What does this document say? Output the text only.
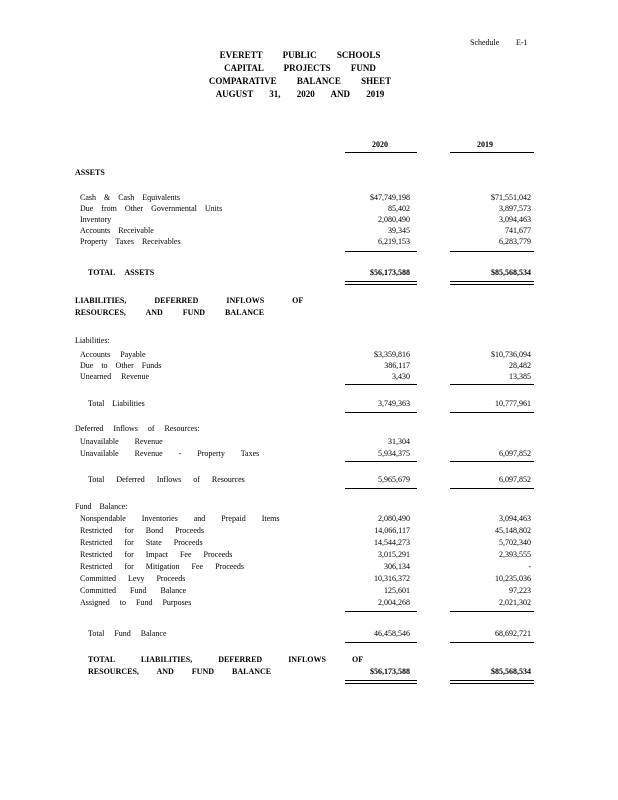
Schedule E-1
EVERETT PUBLIC SCHOOLS
CAPITAL PROJECTS FUND
COMPARATIVE BALANCE SHEET
AUGUST 31, 2020 AND 2019
2020	2019
ASSETS
Cash & Cash Equivalents	$47,749,198	$71,551,042
Due from Other Governmental Units	85,402	3,897,573
Inventory	2,080,490	3,094,463
Accounts Receivable	39,345	741,677
Property Taxes Receivables	6,219,153	6,283,779
TOTAL ASSETS	$56,173,588	$85,568,534
LIABILITIES, DEFERRED INFLOWS OF
RESOURCES, AND FUND BALANCE
Liabilities:
Accounts Payable	$3,359,816	$10,736,094
Due to Other Funds	386,117	28,482
Unearned Revenue	3,430	13,385
Total Liabilities	3,749,363	10,777,961
Deferred Inflows of Resources:
Unavailable Revenue	31,304
Unavailable Revenue - Property Taxes	5,934,375	6,097,852
Total Deferred Inflows of Resources	5,965,679	6,097,852
Fund Balance:
Nonspendable Inventories and Prepaid Items	2,080,490	3,094,463
Restricted for Bond Proceeds	14,066,117	45,148,802
Restricted for State Proceeds	14,544,273	5,702,340
Restricted for Impact Fee Proceeds	3,015,291	2,393,555
Restricted for Mitigation Fee Proceeds	306,134	-
Committed Levy Proceeds	10,316,372	10,235,036
Committed Fund Balance	125,601	97,223
Assigned to Fund Purposes	2,004,268	2,021,302
Total Fund Balance	46,458,546	68,692,721
TOTAL LIABILITIES, DEFERRED INFLOWS OF
RESOURCES, AND FUND BALANCE	$56,173,588	$85,568,534
